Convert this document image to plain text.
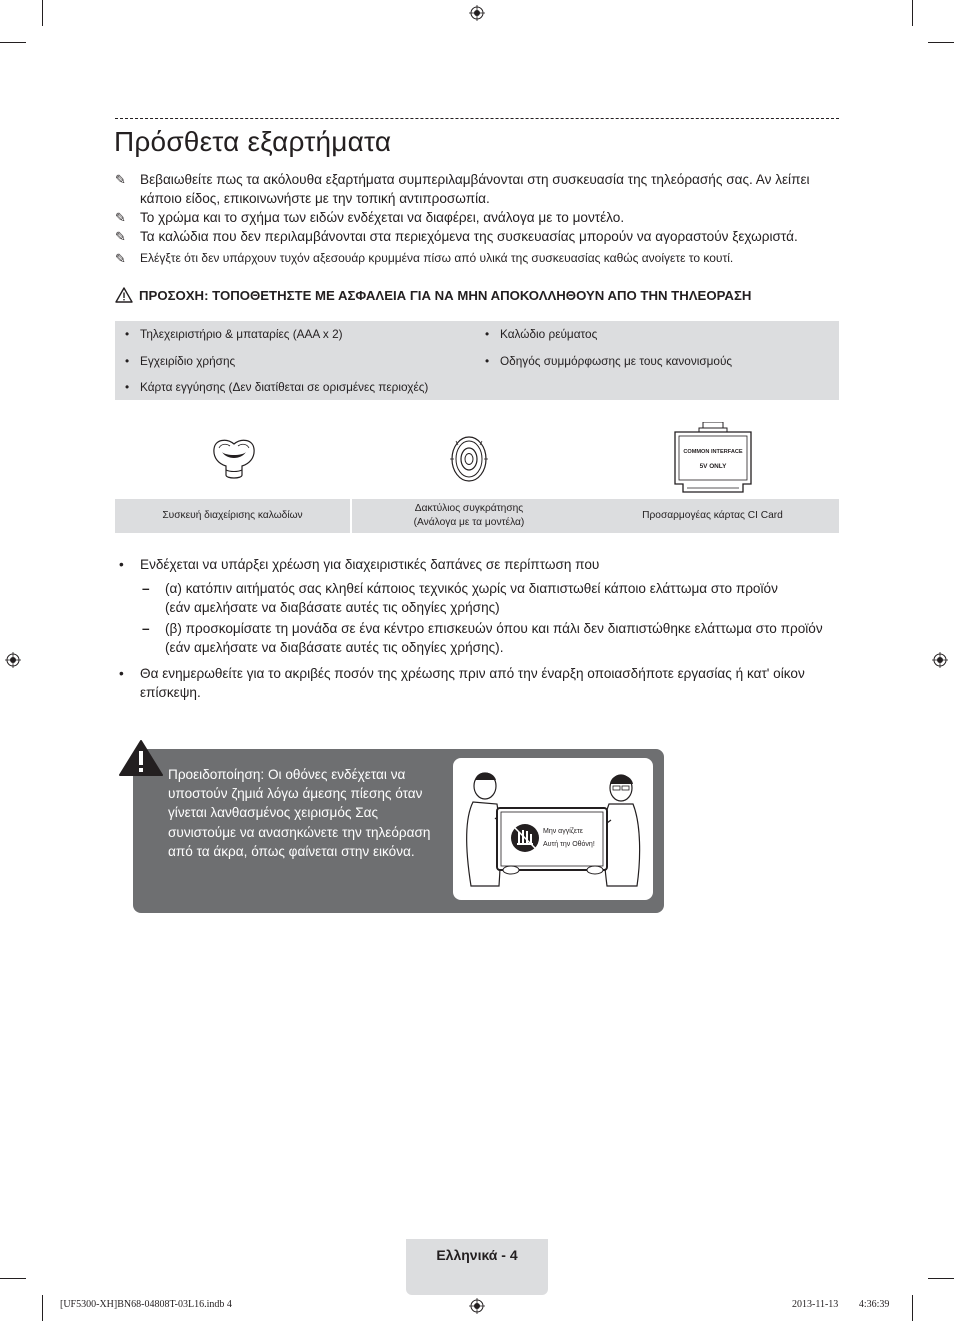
Πρόσθετα εξαρτήματα
✎ Βεβαιωθείτε πως τα ακόλουθα εξαρτήματα συμπεριλαμβάνονται στη συσκευασία της τηλεόρασής σας. Αν λείπει κάποιο είδος, επικοινωνήστε με την τοπική αντιπροσωπία.
✎ Το χρώμα και το σχήμα των ειδών ενδέχεται να διαφέρει, ανάλογα με το μοντέλο.
✎ Τα καλώδια που δεν περιλαμβάνονται στα περιεχόμενα της συσκευασίας μπορούν να αγοραστούν ξεχωριστά.
✎ Ελέγξτε ότι δεν υπάρχουν τυχόν αξεσουάρ κρυμμένα πίσω από υλικά της συσκευασίας καθώς ανοίγετε το κουτί.
ΠΡΟΣΟΧΗ: ΤΟΠΟΘΕΤΗΣΤΕ ΜΕ ΑΣΦΑΛΕΙΑ ΓΙΑ ΝΑ ΜΗΝ ΑΠΟΚΟΛΛΗΘΟΥΝ ΑΠΟ ΤΗΝ ΤΗΛΕΟΡΑΣΗ
• Τηλεχειριστήριο & μπαταρίες (AAA x 2)
• Εγχειρίδιο χρήσης
• Κάρτα εγγύησης (Δεν διατίθεται σε ορισμένες περιοχές)
• Καλώδιο ρεύματος
• Οδηγός συμμόρφωσης με τους κανονισμούς
COMMON INTERFACE
5V ONLY
Συσκευή διαχείρισης καλωδίων
Δακτύλιος συγκράτησης
(Ανάλογα με τα μοντέλα)
Προσαρμογέας κάρτας CI Card
• Ενδέχεται να υπάρξει χρέωση για διαχειριστικές δαπάνες σε περίπτωση που
– (α) κατόπιν αιτήματός σας κληθεί κάποιος τεχνικός χωρίς να διαπιστωθεί κάποιο ελάττωμα στο προϊόν
(εάν αμελήσατε να διαβάσατε αυτές τις οδηγίες χρήσης)
– (β) προσκομίσατε τη μονάδα σε ένα κέντρο επισκευών όπου και πάλι δεν διαπιστώθηκε ελάττωμα στο προϊόν
(εάν αμελήσατε να διαβάσατε αυτές τις οδηγίες χρήσης).
• Θα ενημερωθείτε για το ακριβές ποσόν της χρέωσης πριν από την έναρξη οποιασδήποτε εργασίας ή κατ' οίκον επίσκεψη.
Προειδοποίηση: Οι οθόνες ενδέχεται να υποστούν ζημιά λόγω άμεσης πίεσης όταν γίνεται λανθασμένος χειρισμός Σας συνιστούμε να ανασηκώνετε την τηλεόραση από τα άκρα, όπως φαίνεται στην εικόνα.
Μην αγγίζετε
Αυτή την Οθόνη!
Ελληνικά - 4
[UF5300-XH]BN68-04808T-03L16.indb 4	2013-11-13 ￿￿ 4:36:39
